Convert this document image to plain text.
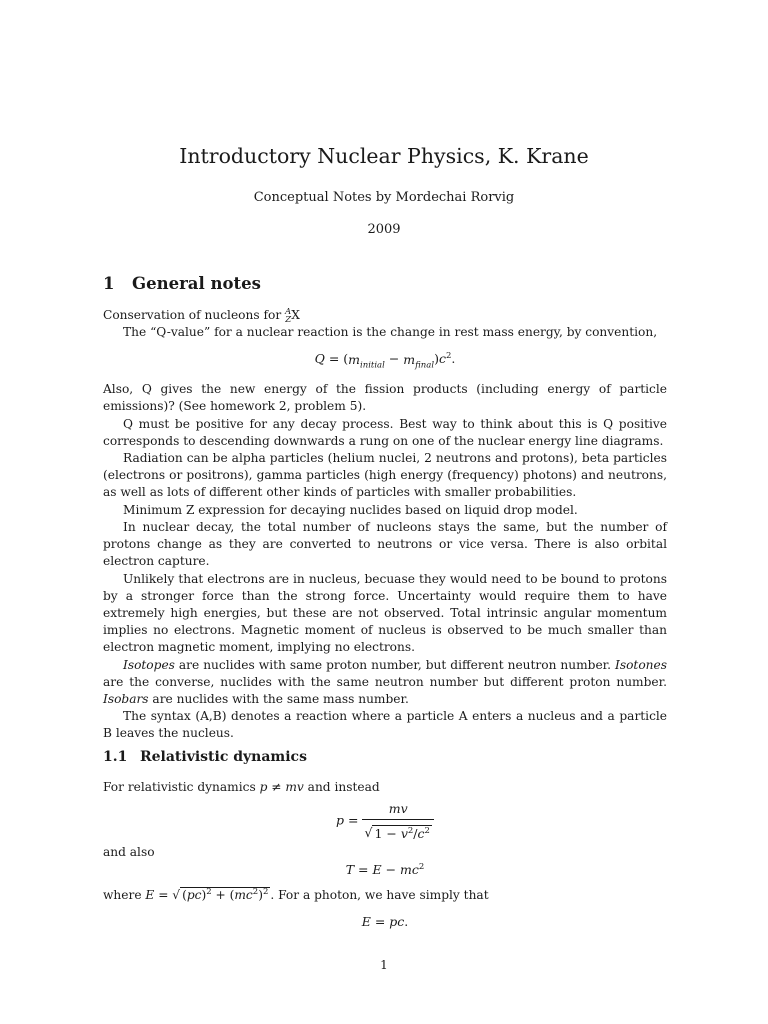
Introductory Nuclear Physics, K. Krane
Conceptual Notes by Mordechai Rorvig
2009
1 General notes

Conservation of nucleons for A
Z X

The “Q-value” for a nuclear reaction is the change in rest mass energy, by convention,

$Q = (m_{initial} - m_{final})c^2$.

Also, Q gives the new energy of the fission products (including energy of particle emissions)? (See homework 2, problem 5).

Q must be positive for any decay process. Best way to think about this is Q positive corresponds to descending downwards a rung on one of the nuclear energy line diagrams.

Radiation can be alpha particles (helium nuclei, 2 neutrons and protons), beta particles (electrons or positrons), gamma particles (high energy (frequency) photons) and neutrons, as well as lots of different other kinds of particles with smaller probabilities.

Minimum Z expression for decaying nuclides based on liquid drop model.

In nuclear decay, the total number of nucleons stays the same, but the number of protons change as they are converted to neutrons or vice versa. There is also orbital electron capture.

Unlikely that electrons are in nucleus, becuase they would need to be bound to protons by a stronger force than the strong force. Uncertainty would require them to have extremely high energies, but these are not observed. Total intrinsic angular momentum implies no electrons. Magnetic moment of nucleus is observed to be much smaller than electron magnetic moment, implying no electrons.

Isotopes are nuclides with same proton number, but different neutron number. Isotones are the converse, nuclides with the same neutron number but different proton number. Isobars are nuclides with the same mass number.

The syntax (A,B) denotes a reaction where a particle A enters a nucleus and a particle B leaves the nucleus.

1.1 Relativistic dynamics

For relativistic dynamics p ≠ mv and instead

$p = \frac{mv}{√ 1 - v^2/c^2}$

and also

$T = E - mc^2$

where E = √ $(pc)^2 + (mc^2)^2$ . For a photon, we have simply that

E = pc.

1
